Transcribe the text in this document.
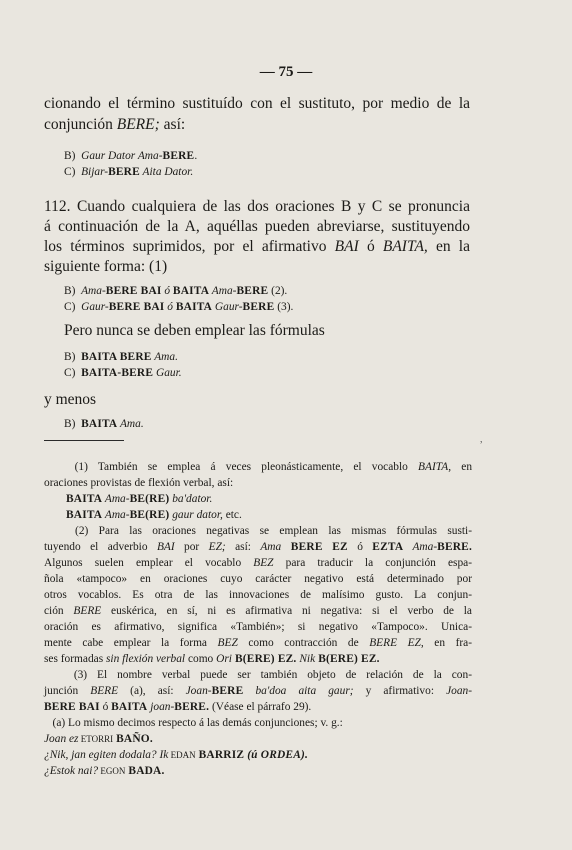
— 75 —
cionando el término sustituído con el sustituto, por medio de la
conjunción BERE; así:
B) Gaur Dator Ama-BERE.
C) Bijar-BERE Aita Dator.
112. Cuando cualquiera de las dos oraciones B y C se pronuncia
á continuación de la A, aquéllas pueden abreviarse, sustituyendo
los términos suprimidos, por el afirmativo BAI ó BAITA, en la
siguiente forma: (1)
B) Ama-BERE BAI ó BAITA Ama-BERE (2).
C) Gaur-BERE BAI ó BAITA Gaur-BERE (3).
Pero nunca se deben emplear las fórmulas
B) BAITA BERE Ama.
C) BAITA-BERE Gaur.
y menos
B) BAITA Ama.
,
(1) También se emplea á veces pleonásticamente, el vocablo BAITA, en
oraciones provistas de flexión verbal, así:
BAITA Ama-BE(RE) ba'dator.
BAITA Ama-BE(RE) gaur dator, etc.
(2) Para las oraciones negativas se emplean las mismas fórmulas susti-
tuyendo el adverbio BAI por EZ; así: Ama BERE EZ ó EZTA Ama-BERE.
Algunos suelen emplear el vocablo BEZ para traducir la conjunción espa-
ñola «tampoco» en oraciones cuyo carácter negativo está determinado por
otros vocablos. Es otra de las innovaciones de malísimo gusto. La conjun-
ción BERE euskérica, en sí, ni es afirmativa ni negativa: si el verbo de la
oración es afirmativo, significa «También»; si negativo «Tampoco». Unica-
mente cabe emplear la forma BEZ como contracción de BERE EZ, en fra-
ses formadas sin flexión verbal como Ori B(ERE) EZ. Nik B(ERE) EZ.
(3) El nombre verbal puede ser también objeto de relación de la con-
junción BERE (a), así: Joan-BERE ba'doa aita gaur; y afirmativo: Joan-
BERE BAI ó BAITA joan-BERE. (Véase el párrafo 29).
(a) Lo mismo decimos respecto á las demás conjunciones; v. g.:
Joan ez ETORRI BAÑO.
¿Nik, jan egiten dodala? Ik EDAN BARRIZ (ú ORDEA).
¿Estok nai? EGON BADA.
